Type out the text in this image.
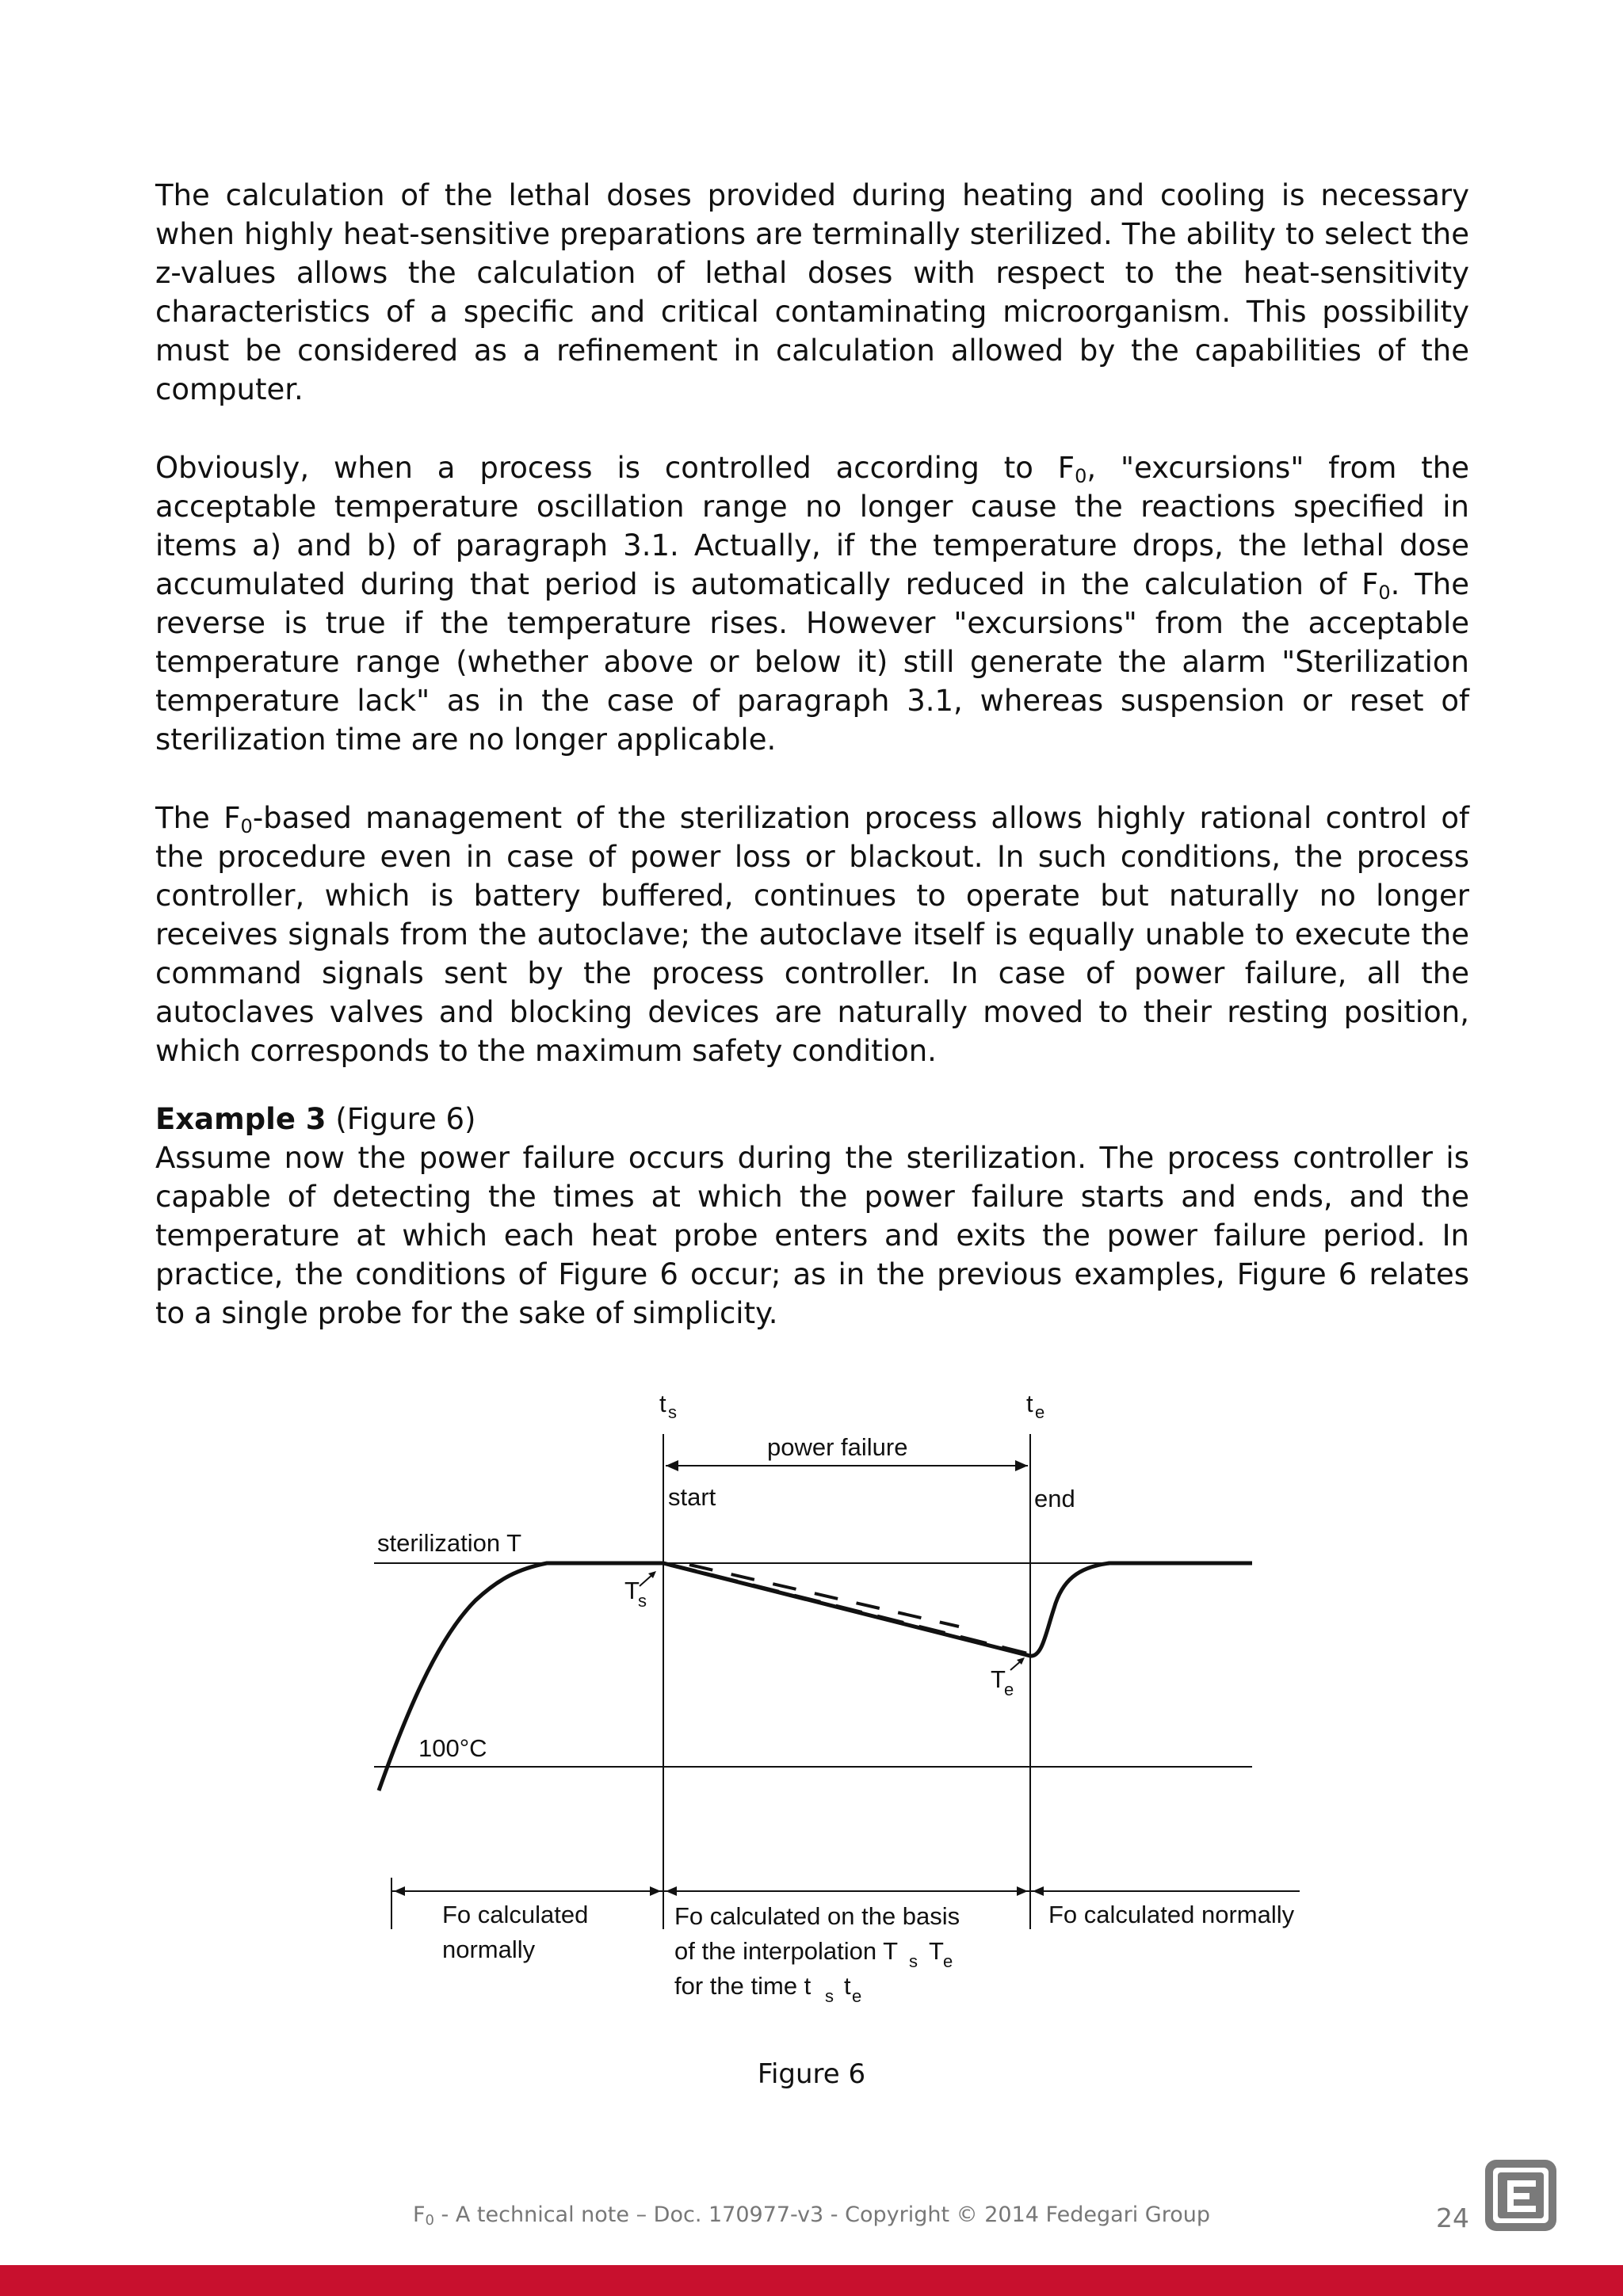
The calculation of the lethal doses provided during heating and cooling is necessary when highly heat-sensitive preparations are terminally sterilized. The ability to select the z-values allows the calculation of lethal doses with respect to the heat-sensitivity characteristics of a specific and critical contaminating microorganism. This possibility must be considered as a refinement in calculation allowed by the capabilities of the computer.

Obviously, when a process is controlled according to $F_0$, "excursions" from the acceptable temperature oscillation range no longer cause the reactions specified in items a) and b) of paragraph 3.1. Actually, if the temperature drops, the lethal dose accumulated during that period is automatically reduced in the calculation of $F_0$. The reverse is true if the temperature rises. However "excursions" from the acceptable temperature range (whether above or below it) still generate the alarm "Sterilization temperature lack" as in the case of paragraph 3.1, whereas suspension or reset of sterilization time are no longer applicable.

The $F_0$-based management of the sterilization process allows highly rational control of the procedure even in case of power loss or blackout. In such conditions, the process controller, which is battery buffered, continues to operate but naturally no longer receives signals from the autoclave; the autoclave itself is equally unable to execute the command signals sent by the process controller. In case of power failure, all the autoclaves valves and blocking devices are naturally moved to their resting position, which corresponds to the maximum safety condition.

Example 3 (Figure 6)

Assume now the power failure occurs during the sterilization. The process controller is capable of detecting the times at which the power failure starts and ends, and the temperature at which each heat probe enters and exits the power failure period. In practice, the conditions of Figure 6 occur; as in the previous examples, Figure 6 relates to a single probe for the sake of simplicity.

t s	t e
power failure
start	end
sterilization T
T
s
T
e
100°C
Fo calculated
normally
Fo calculated on the basis
of the interpolation T s T e
for the time t s t e
Fo calculated normally
Figure 6
$F_0$ - A technical note – Doc. 170977-v3 - Copyright © 2014 Fedegari Group	24
